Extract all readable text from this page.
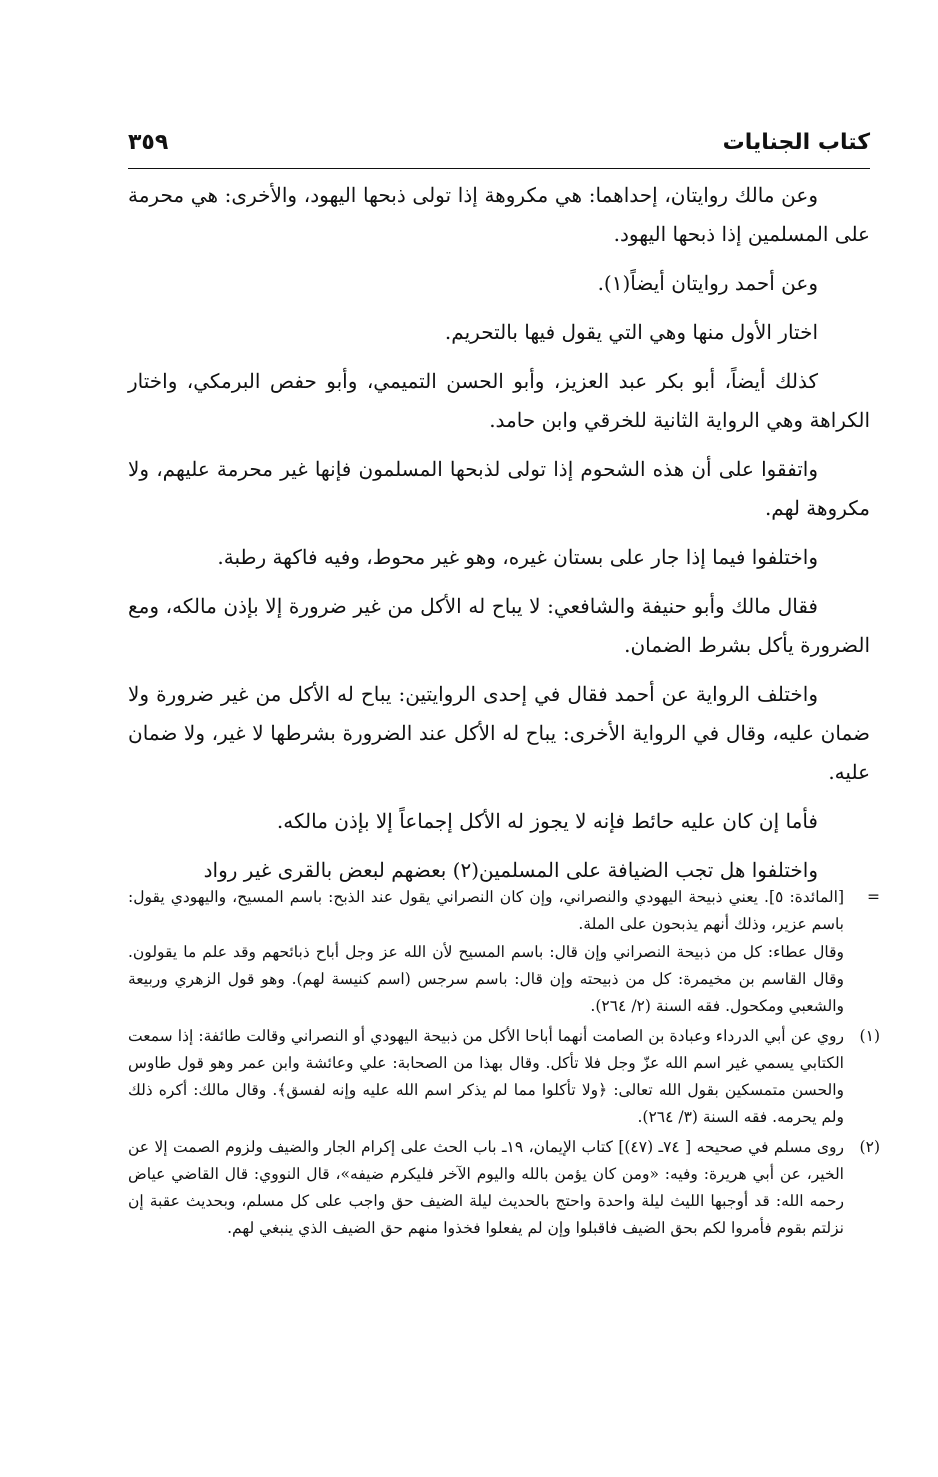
كتاب الجنايات
٣٥٩

وعن مالك روايتان، إحداهما: هي مكروهة إذا تولى ذبحها اليهود، والأخرى: هي محرمة على المسلمين إذا ذبحها اليهود.

وعن أحمد روايتان أيضاً(١).

اختار الأول منها وهي التي يقول فيها بالتحريم.

كذلك أيضاً، أبو بكر عبد العزيز، وأبو الحسن التميمي، وأبو حفص البرمكي، واختار الكراهة وهي الرواية الثانية للخرقي وابن حامد.

واتفقوا على أن هذه الشحوم إذا تولى لذبحها المسلمون فإنها غير محرمة عليهم، ولا مكروهة لهم.

واختلفوا فيما إذا جار على بستان غيره، وهو غير محوط، وفيه فاكهة رطبة.

فقال مالك وأبو حنيفة والشافعي: لا يباح له الأكل من غير ضرورة إلا بإذن مالكه، ومع الضرورة يأكل بشرط الضمان.

واختلف الرواية عن أحمد فقال في إحدى الروايتين: يباح له الأكل من غير ضرورة ولا ضمان عليه، وقال في الرواية الأخرى: يباح له الأكل عند الضرورة بشرطها لا غير، ولا ضمان عليه.

فأما إن كان عليه حائط فإنه لا يجوز له الأكل إجماعاً إلا بإذن مالكه.

واختلفوا هل تجب الضيافة على المسلمين(٢) بعضهم لبعض بالقرى غير رواد

=

[المائدة: ٥]. يعني ذبيحة اليهودي والنصراني، وإن كان النصراني يقول عند الذبح: باسم المسيح، واليهودي يقول: باسم عزير، وذلك أنهم يذبحون على الملة.

وقال عطاء: كل من ذبيحة النصراني وإن قال: باسم المسيح لأن الله عز وجل أباح ذبائحهم وقد علم ما يقولون. وقال القاسم بن مخيمرة: كل من ذبيحته وإن قال: باسم سرجس (اسم كنيسة لهم). وهو قول الزهري وربيعة والشعبي ومكحول. فقه السنة (٢/ ٢٦٤).

(١)

روي عن أبي الدرداء وعبادة بن الصامت أنهما أباحا الأكل من ذبيحة اليهودي أو النصراني وقالت طائفة: إذا سمعت الكتابي يسمي غير اسم الله عزّ وجل فلا تأكل. وقال بهذا من الصحابة: علي وعائشة وابن عمر وهو قول طاوس والحسن متمسكين بقول الله تعالى: ﴿ولا تأكلوا مما لم يذكر اسم الله عليه وإنه لفسق﴾. وقال مالك: أكره ذلك ولم يحرمه. فقه السنة (٣/ ٢٦٤).

(٢)

روى مسلم في صحيحه [ ٧٤ـ (٤٧)] كتاب الإيمان، ١٩ـ باب الحث على إكرام الجار والضيف ولزوم الصمت إلا عن الخير، عن أبي هريرة: وفيه: «ومن كان يؤمن بالله واليوم الآخر فليكرم ضيفه»، قال النووي: قال القاضي عياض رحمه الله: قد أوجبها الليث ليلة واحدة واحتج بالحديث ليلة الضيف حق واجب على كل مسلم، وبحديث عقبة إن نزلتم بقوم فأمروا لكم بحق الضيف فاقبلوا وإن لم يفعلوا فخذوا منهم حق الضيف الذي ينبغي لهم.
